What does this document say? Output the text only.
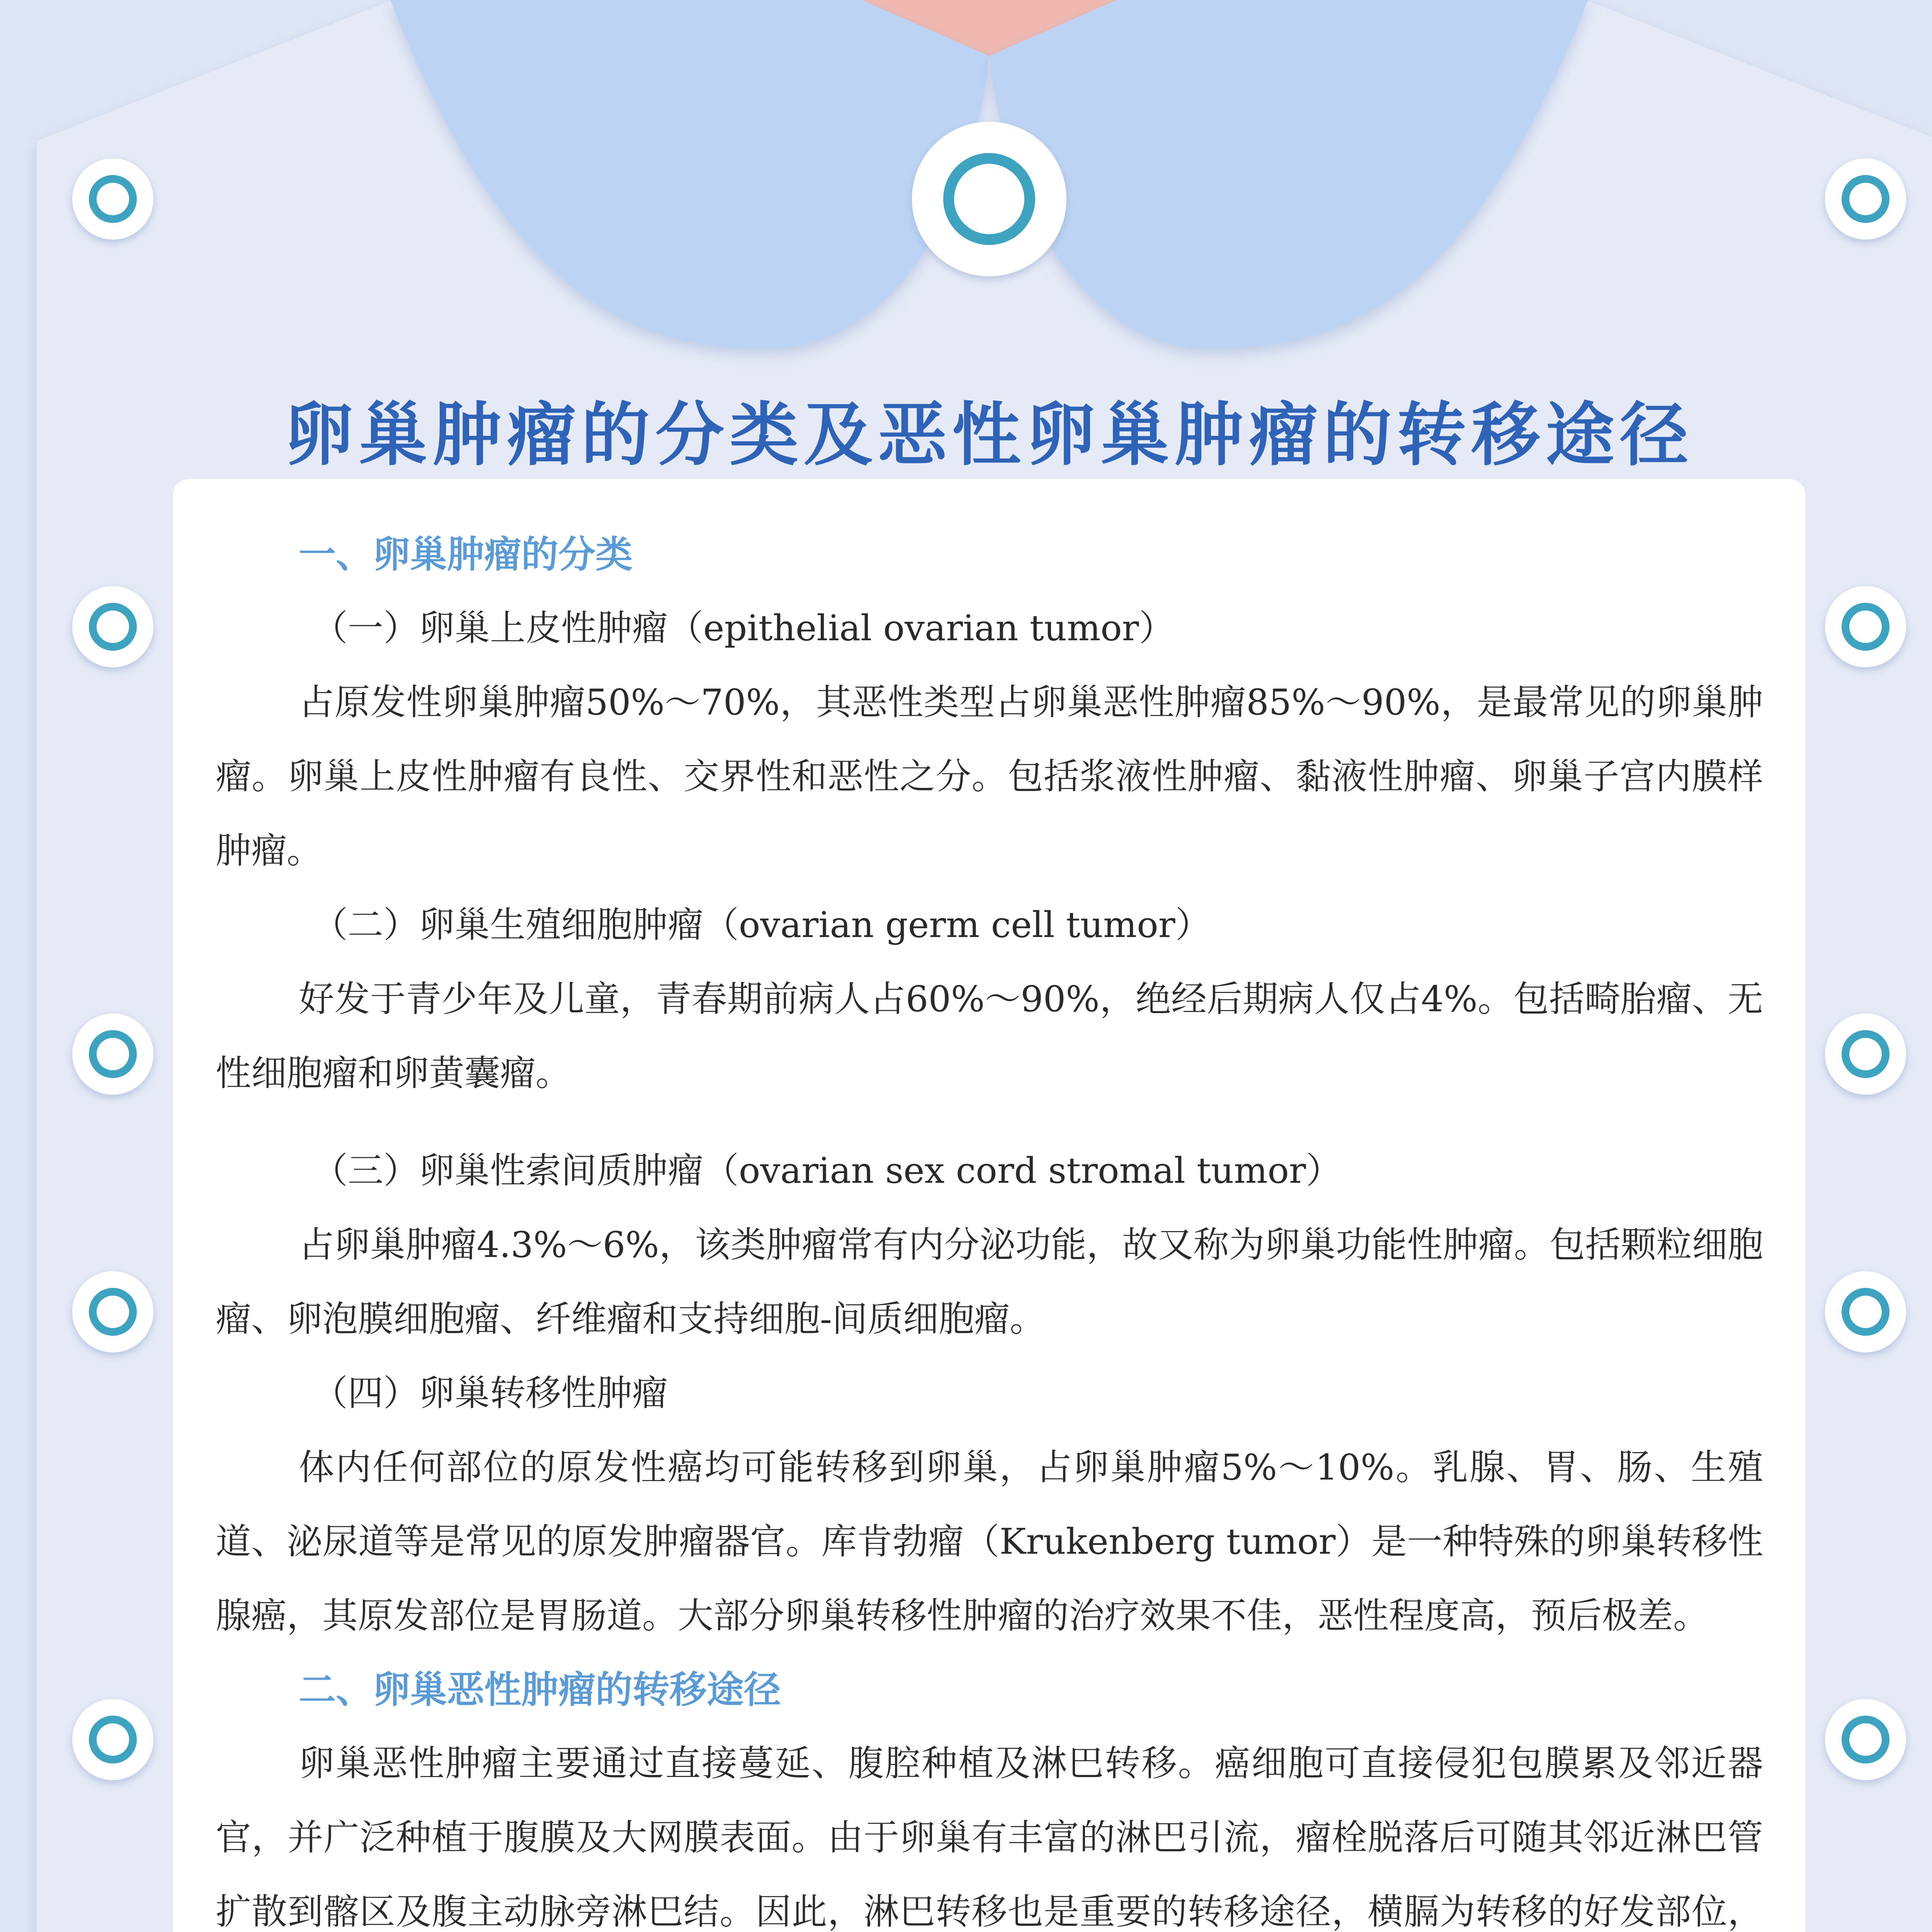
卵巢肿瘤的分类及恶性卵巢肿瘤的转移途径

一、卵巢肿瘤的分类

（一）卵巢上皮性肿瘤（epithelial ovarian tumor）

占原发性卵巢肿瘤50%～70%，其恶性类型占卵巢恶性肿瘤85%～90%，是最常见的卵巢肿瘤。卵巢上皮性肿瘤有良性、交界性和恶性之分。包括浆液性肿瘤、黏液性肿瘤、卵巢子宫内膜样肿瘤。

（二）卵巢生殖细胞肿瘤（ovarian germ cell tumor）

好发于青少年及儿童，青春期前病人占60%～90%，绝经后期病人仅占4%。包括畸胎瘤、无性细胞瘤和卵黄囊瘤。

（三）卵巢性索间质肿瘤（ovarian sex cord stromal tumor）

占卵巢肿瘤4.3%～6%，该类肿瘤常有内分泌功能，故又称为卵巢功能性肿瘤。包括颗粒细胞瘤、卵泡膜细胞瘤、纤维瘤和支持细胞-间质细胞瘤。

（四）卵巢转移性肿瘤

体内任何部位的原发性癌均可能转移到卵巢，占卵巢肿瘤5%～10%。乳腺、胃、肠、生殖道、泌尿道等是常见的原发肿瘤器官。库肯勃瘤（Krukenberg tumor）是一种特殊的卵巢转移性腺癌，其原发部位是胃肠道。大部分卵巢转移性肿瘤的治疗效果不佳，恶性程度高，预后极差。

二、卵巢恶性肿瘤的转移途径

卵巢恶性肿瘤主要通过直接蔓延、腹腔种植及淋巴转移。癌细胞可直接侵犯包膜累及邻近器官，并广泛种植于腹膜及大网膜表面。由于卵巢有丰富的淋巴引流，瘤栓脱落后可随其邻近淋巴管扩散到髂区及腹主动脉旁淋巴结。因此，淋巴转移也是重要的转移途径，横膈为转移的好发部位，
